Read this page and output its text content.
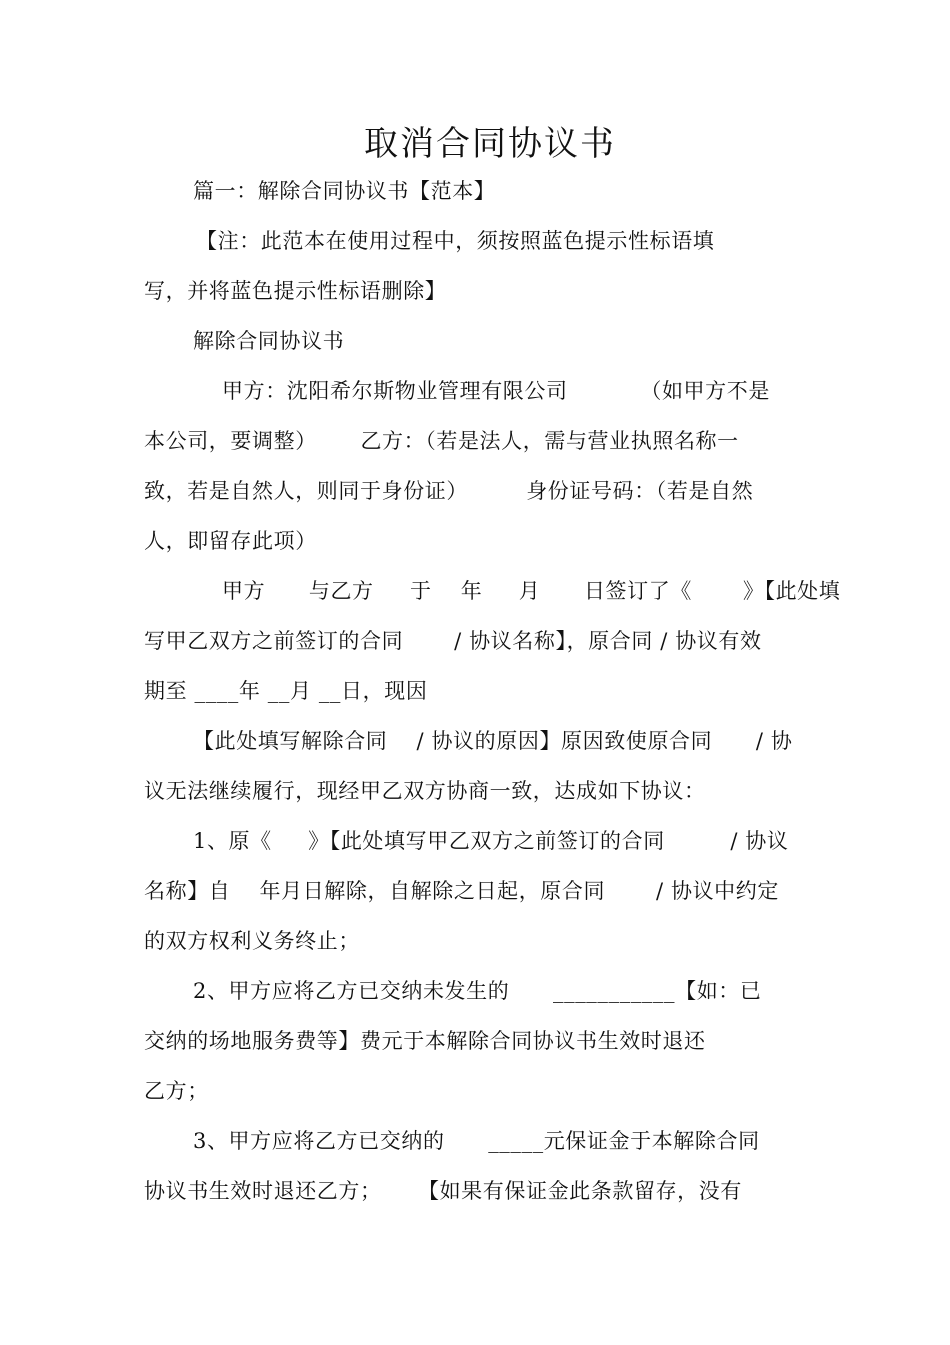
取消合同协议书
篇一：解除合同协议书【范本】
【注：此范本在使用过程中，须按照蓝色提示性标语填
写，并将蓝色提示性标语删除】
解除合同协议书
甲方：沈阳希尔斯物业管理有限公司          （如甲方不是
本公司，要调整）      乙方：（若是法人，需与营业执照名称一
致，若是自然人，则同于身份证）        身份证号码：（若是自然
人，即留存此项）
甲方      与乙方     于    年     月      日签订了《       》【此处填
写甲乙双方之前签订的合同       / 协议名称】，原合同 / 协议有效
期至 ____年 __月 __日，现因
【此处填写解除合同    / 协议的原因】原因致使原合同      / 协
议无法继续履行，现经甲乙双方协商一致，达成如下协议：
1、原《     》【此处填写甲乙双方之前签订的合同         / 协议
名称】自    年月日解除，自解除之日起，原合同       / 协议中约定
的双方权利义务终止；
2、甲方应将乙方已交纳未发生的      ___________【如：已
交纳的场地服务费等】费元于本解除合同协议书生效时退还
乙方；
3、甲方应将乙方已交纳的      _____元保证金于本解除合同
协议书生效时退还乙方；     【如果有保证金此条款留存，没有
